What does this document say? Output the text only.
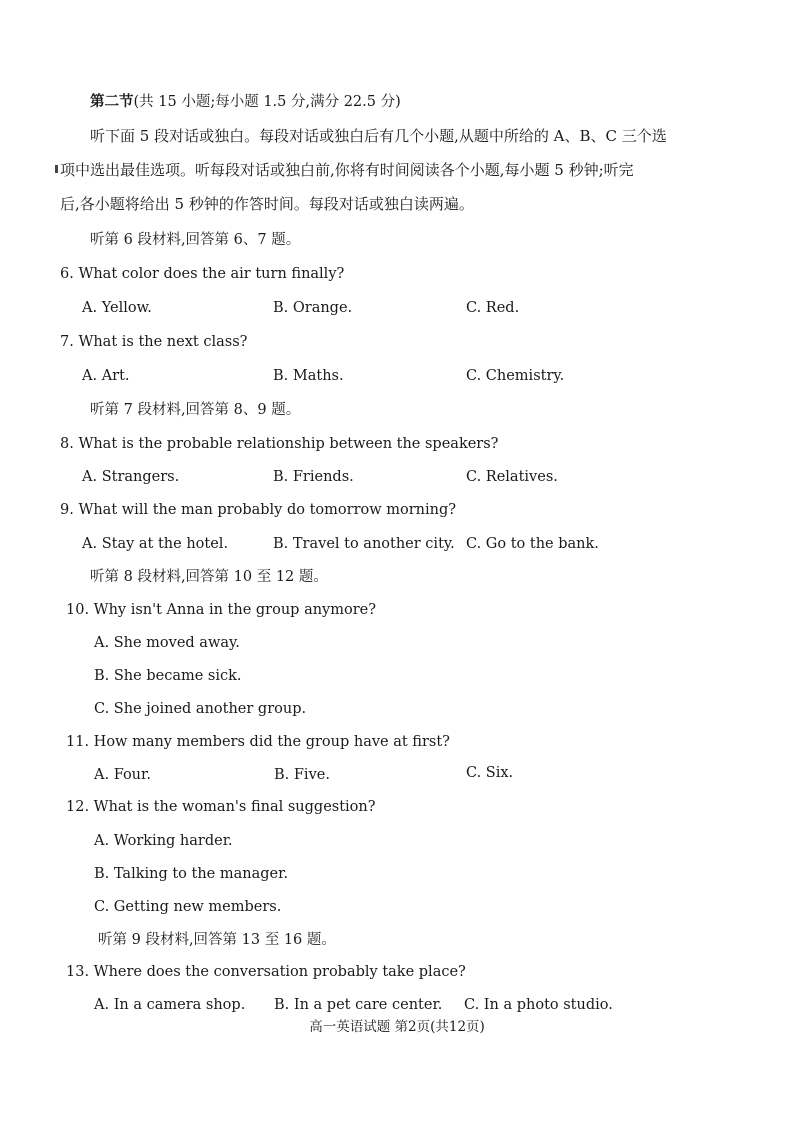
第二节(共 15 小题;每小题 1.5 分,满分 22.5 分)
听下面 5 段对话或独白。每段对话或独白后有几个小题,从题中所给的 A、B、C 三个选
项中选出最佳选项。听每段对话或独白前,你将有时间阅读各个小题,每小题 5 秒钟;听完
后,各小题将给出 5 秒钟的作答时间。每段对话或独白读两遍。
听第 6 段材料,回答第 6、7 题。
6. What color does the air turn finally?
A. Yellow.	B. Orange.	C. Red.
7. What is the next class?
A. Art.	B. Maths.	C. Chemistry.
听第 7 段材料,回答第 8、9 题。
8. What is the probable relationship between the speakers?
A. Strangers.	B. Friends.	C. Relatives.
9. What will the man probably do tomorrow morning?
A. Stay at the hotel.	B. Travel to another city. C. Go to the bank.
听第 8 段材料,回答第 10 至 12 题。
10. Why isn't Anna in the group anymore?
A. She moved away.
B. She became sick.
C. She joined another group.
11. How many members did the group have at first?
A. Four.	B. Five.	C. Six.
12. What is the woman's final suggestion?
A. Working harder.
B. Talking to the manager.
C. Getting new members.
听第 9 段材料,回答第 13 至 16 题。
13. Where does the conversation probably take place?
A. In a camera shop. B. In a pet care center. C. In a photo studio.
高一英语试题 第2页(共12页)
